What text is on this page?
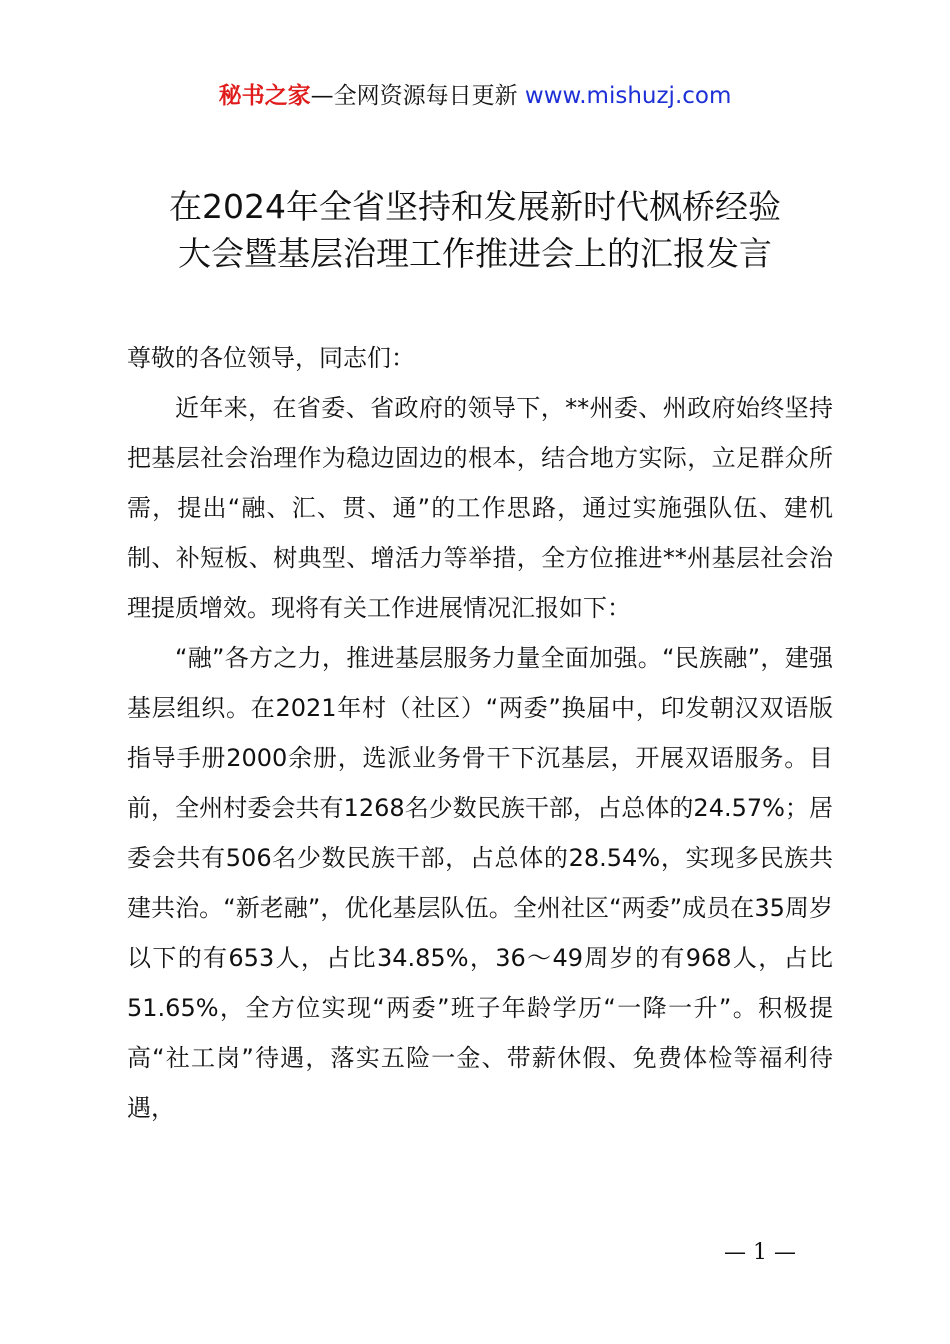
秘书之家—全网资源每日更新 www.mishuzj.com
在2024年全省坚持和发展新时代枫桥经验
大会暨基层治理工作推进会上的汇报发言

尊敬的各位领导，同志们：

近年来，在省委、省政府的领导下，**州委、州政府始终坚持把基层社会治理作为稳边固边的根本，结合地方实际，立足群众所需，提出“融、汇、贯、通”的工作思路，通过实施强队伍、建机制、补短板、树典型、增活力等举措，全方位推进**州基层社会治理提质增效。现将有关工作进展情况汇报如下：

“融”各方之力，推进基层服务力量全面加强。“民族融”，建强基层组织。在2021年村（社区）“两委”换届中，印发朝汉双语版指导手册2000余册，选派业务骨干下沉基层，开展双语服务。目前，全州村委会共有1268名少数民族干部，占总体的24.57%；居委会共有506名少数民族干部，占总体的28.54%，实现多民族共建共治。“新老融”，优化基层队伍。全州社区“两委”成员在35周岁以下的有653人，占比34.85%，36～49周岁的有968人，占比51.65%，全方位实现“两委”班子年龄学历“一降一升”。积极提高“社工岗”待遇，落实五险一金、带薪休假、免费体检等福利待遇，

— 1 —
